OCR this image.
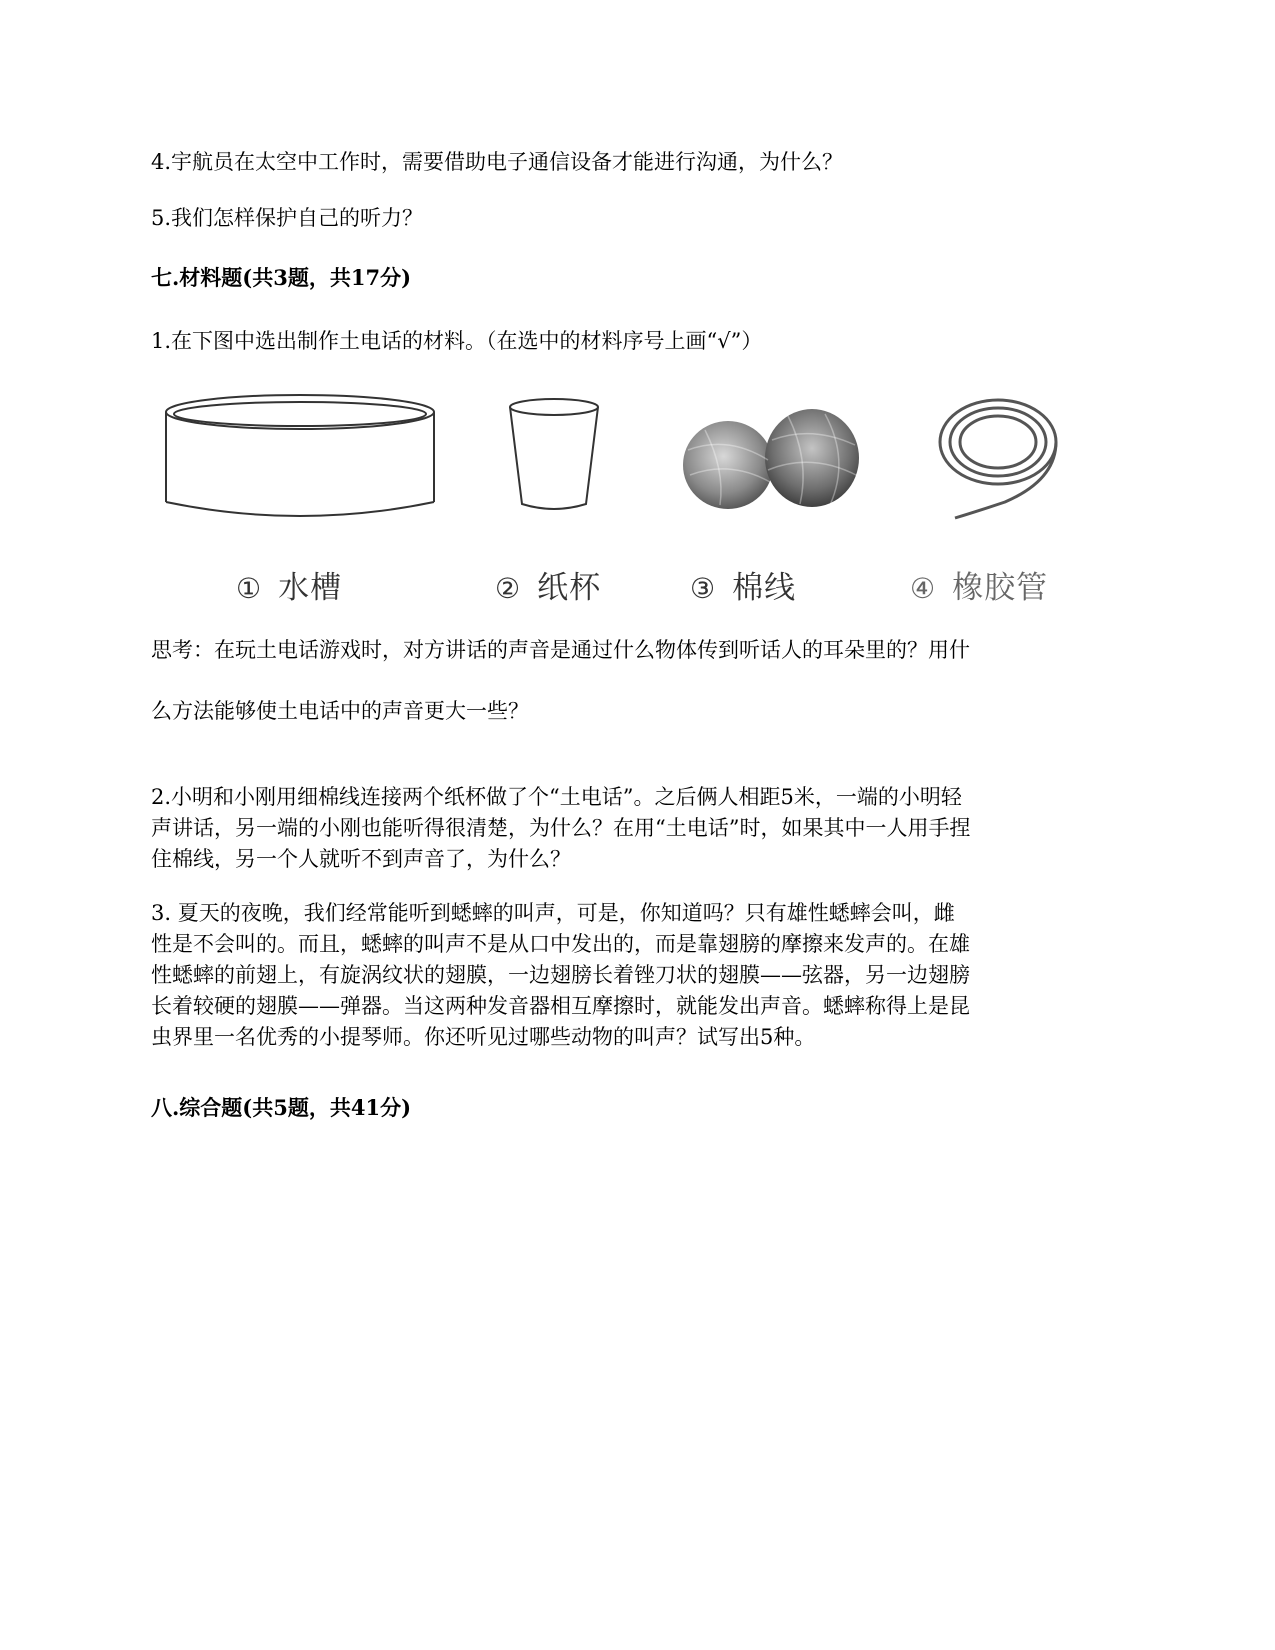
4.宇航员在太空中工作时，需要借助电子通信设备才能进行沟通，为什么？
5.我们怎样保护自己的听力？
七.材料题(共3题，共17分)
1.在下图中选出制作土电话的材料。（在选中的材料序号上画“√”）
① 水槽	② 纸杯	③ 棉线	④ 橡胶管
思考：在玩土电话游戏时，对方讲话的声音是通过什么物体传到听话人的耳朵里的？用什
么方法能够使土电话中的声音更大一些？
2.小明和小刚用细棉线连接两个纸杯做了个“土电话”。之后俩人相距5米，一端的小明轻
声讲话，另一端的小刚也能听得很清楚，为什么？在用“土电话”时，如果其中一人用手捏
住棉线，另一个人就听不到声音了，为什么？
3. 夏天的夜晚，我们经常能听到蟋蟀的叫声，可是，你知道吗？只有雄性蟋蟀会叫，雌
性是不会叫的。而且，蟋蟀的叫声不是从口中发出的，而是靠翅膀的摩擦来发声的。在雄
性蟋蟀的前翅上，有旋涡纹状的翅膜，一边翅膀长着锉刀状的翅膜——弦器，另一边翅膀
长着较硬的翅膜——弹器。当这两种发音器相互摩擦时，就能发出声音。蟋蟀称得上是昆
虫界里一名优秀的小提琴师。你还听见过哪些动物的叫声？试写出5种。
八.综合题(共5题，共41分)
